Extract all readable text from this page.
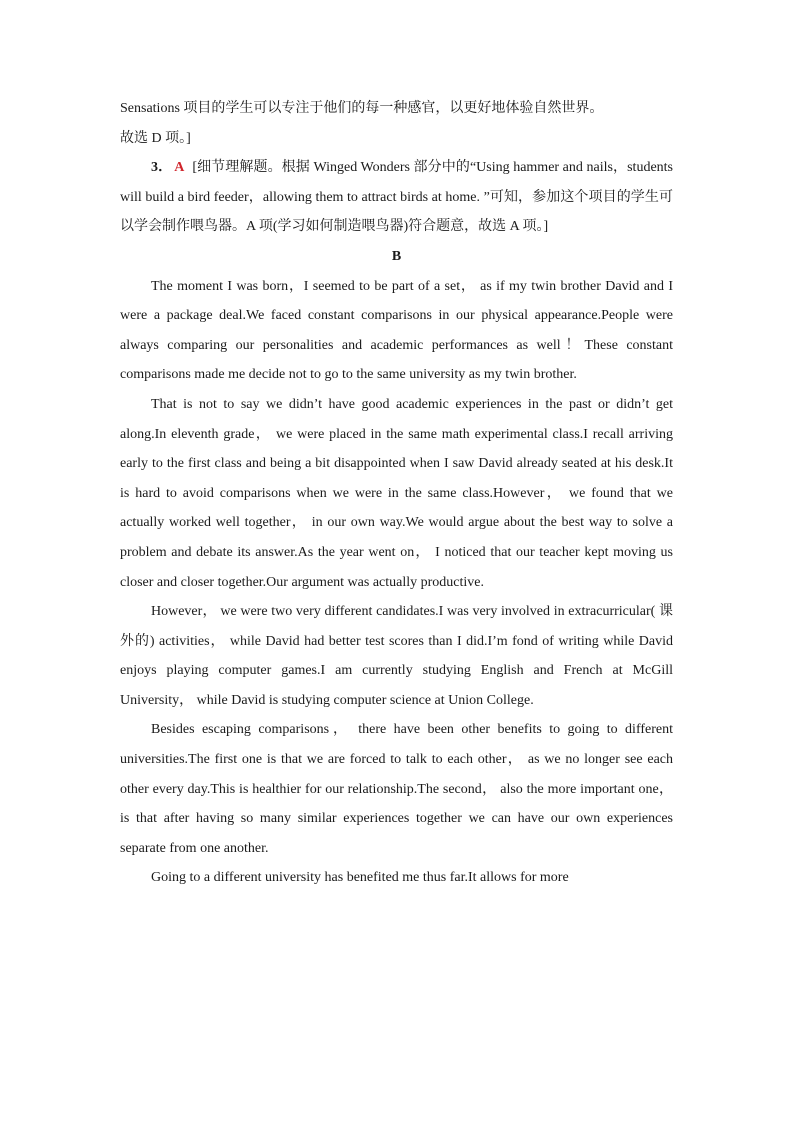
Sensations 项目的学生可以专注于他们的每一种感官，以更好地体验自然世界。

故选 D 项。]

3． A [细节理解题。根据 Winged Wonders 部分中的“Using hammer and nails，students will build a bird feeder，allowing them to attract birds at home. ”可知，参加这个项目的学生可以学会制作喂鸟器。A 项(学习如何制造喂鸟器)符合题意，故选 A 项。]

B

The moment I was born，I seemed to be part of a set， as if my twin brother David and I were a package deal.We faced constant comparisons in our physical appearance.People were always comparing our personalities and academic performances as well！These constant comparisons made me decide not to go to the same university as my twin brother.

That is not to say we didn’t have good academic experiences in the past or didn’t get along.In eleventh grade， we were placed in the same math experimental class.I recall arriving early to the first class and being a bit disappointed when I saw David already seated at his desk.It is hard to avoid comparisons when we were in the same class.However， we found that we actually worked well together， in our own way.We would argue about the best way to solve a problem and debate its answer.As the year went on， I noticed that our teacher kept moving us closer and closer together.Our argument was actually productive.

However， we were two very different candidates.I was very involved in extracurricular( 课外的) activities， while David had better test scores than I did.I’m fond of writing while David enjoys playing computer games.I am currently studying English and French at McGill University， while David is studying computer science at Union College.

Besides escaping comparisons， there have been other benefits to going to different universities.The first one is that we are forced to talk to each other， as we no longer see each other every day.This is healthier for our relationship.The second， also the more important one， is that after having so many similar experiences together we can have our own experiences separate from one another.

Going to a different university has benefited me thus far.It allows for more
